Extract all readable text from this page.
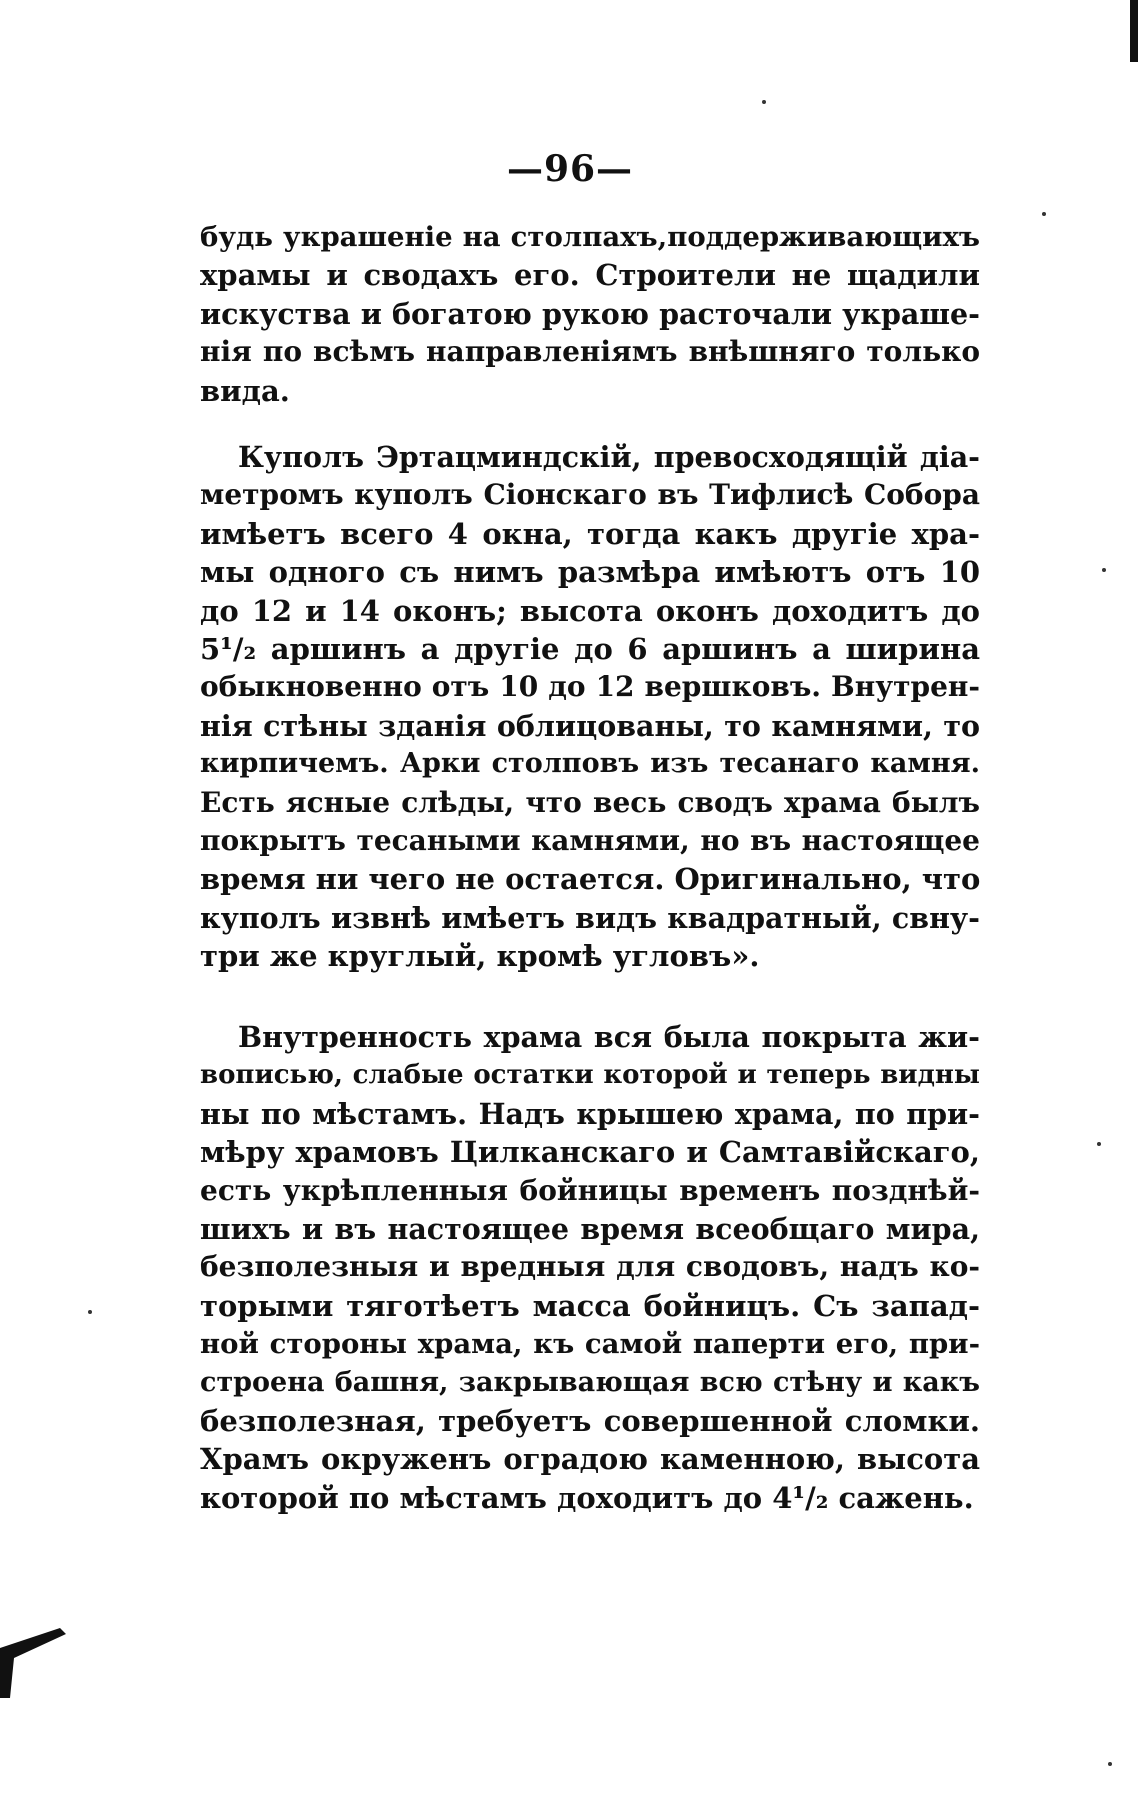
—96—
будь украшеніе на столпахъ,поддерживающихъ
храмы и сводахъ его. Строители не щадили
искуства и богатою рукою расточали украше-
нія по всѣмъ направленіямъ внѣшняго только
вида.
Куполъ Эртацминдскій, превосходящій діа-
метромъ куполъ Сіонскаго въ Тифлисѣ Собора
имѣетъ всего 4 окна, тогда какъ другіе хра-
мы одного съ нимъ размѣра имѣютъ отъ 10
до 12 и 14 оконъ; высота оконъ доходитъ до
5¹/₂ аршинъ а другіе до 6 аршинъ а ширина
обыкновенно отъ 10 до 12 вершковъ. Внутрен-
нія стѣны зданія облицованы, то камнями, то
кирпичемъ. Арки столповъ изъ тесанаго камня.
Есть ясные слѣды, что весь сводъ храма былъ
покрытъ тесаными камнями, но въ настоящее
время ни чего не остается. Оригинально, что
куполъ извнѣ имѣетъ видъ квадратный, свну-
три же круглый, кромѣ угловъ».
Внутренность храма вся была покрыта жи-
вописью, слабые остатки которой и теперь видны
ны по мѣстамъ. Надъ крышею храма, по при-
мѣру храмовъ Цилканскаго и Самтавійскаго,
есть укрѣпленныя бойницы временъ позднѣй-
шихъ и въ настоящее время всеобщаго мира,
безполезныя и вредныя для сводовъ, надъ ко-
торыми тяготѣетъ масса бойницъ. Съ запад-
ной стороны храма, къ самой паперти его, при-
строена башня, закрывающая всю стѣну и какъ
безполезная, требуетъ совершенной сломки.
Храмъ окруженъ оградою каменною, высота
которой по мѣстамъ доходитъ до 4¹/₂ сажень.
